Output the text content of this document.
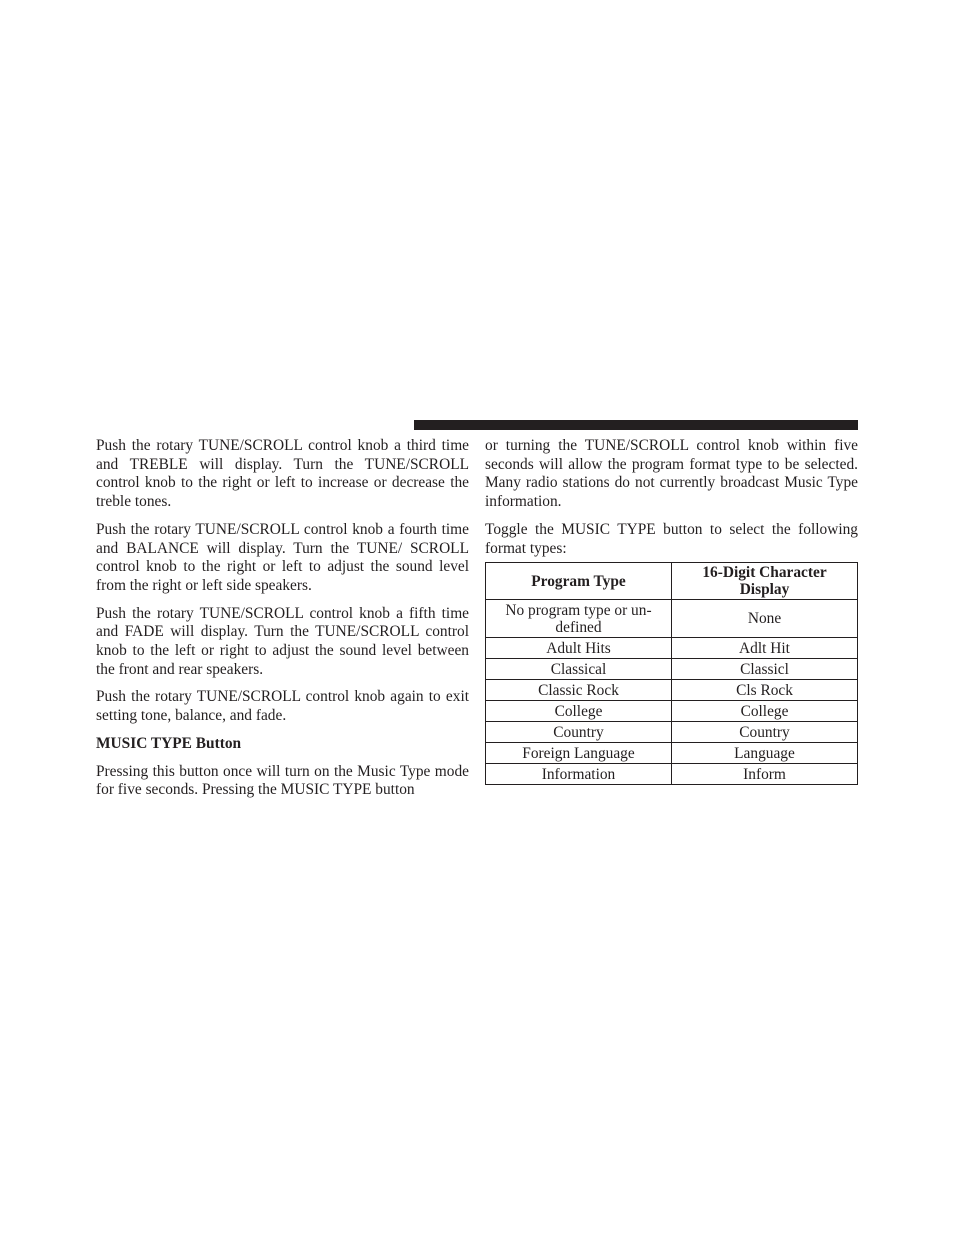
Push the rotary TUNE/SCROLL control knob a third time and TREBLE will display. Turn the TUNE/SCROLL control knob to the right or left to increase or decrease the treble tones.

Push the rotary TUNE/SCROLL control knob a fourth time and BALANCE will display. Turn the TUNE/ SCROLL control knob to the right or left to adjust the sound level from the right or left side speakers.

Push the rotary TUNE/SCROLL control knob a fifth time and FADE will display. Turn the TUNE/SCROLL control knob to the left or right to adjust the sound level between the front and rear speakers.

Push the rotary TUNE/SCROLL control knob again to exit setting tone, balance, and fade.

MUSIC TYPE Button

Pressing this button once will turn on the Music Type mode for five seconds. Pressing the MUSIC TYPE button

or turning the TUNE/SCROLL control knob within five seconds will allow the program format type to be selected. Many radio stations do not currently broadcast Music Type information.

Toggle the MUSIC TYPE button to select the following format types:

Program Type	16-Digit Character Display
No program type or undefined	None
Adult Hits	Adlt Hit
Classical	Classicl
Classic Rock	Cls Rock
College	College
Country	Country
Foreign Language	Language
Information	Inform
